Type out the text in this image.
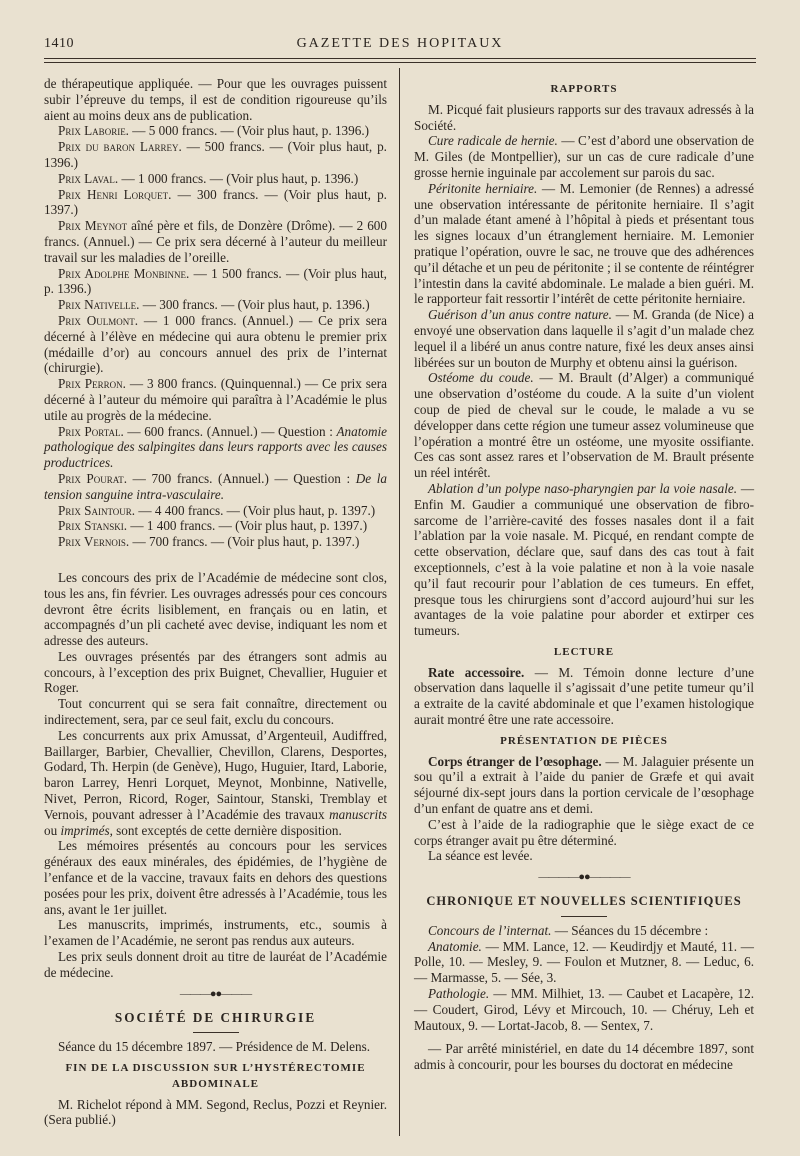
1410	GAZETTE DES HOPITAUX

de thérapeutique appliquée. — Pour que les ouvrages puissent subir l’épreuve du temps, il est de condition rigoureuse qu’ils aient au moins deux ans de publication.

Prix Laborie. — 5 000 francs. — (Voir plus haut, p. 1396.)

Prix du baron Larrey. — 500 francs. — (Voir plus haut, p. 1396.)

Prix Laval. — 1 000 francs. — (Voir plus haut, p. 1396.)

Prix Henri Lorquet. — 300 francs. — (Voir plus haut, p. 1397.)

Prix Meynot aîné père et fils, de Donzère (Drôme). — 2 600 francs. (Annuel.) — Ce prix sera décerné à l’auteur du meilleur travail sur les maladies de l’oreille.

Prix Adolphe Monbinne. — 1 500 francs. — (Voir plus haut, p. 1396.)

Prix Nativelle. — 300 francs. — (Voir plus haut, p. 1396.)

Prix Oulmont. — 1 000 francs. (Annuel.) — Ce prix sera décerné à l’élève en médecine qui aura obtenu le premier prix (médaille d’or) au concours annuel des prix de l’internat (chirurgie).

Prix Perron. — 3 800 francs. (Quinquennal.) — Ce prix sera décerné à l’auteur du mémoire qui paraîtra à l’Académie le plus utile au progrès de la médecine.

Prix Portal. — 600 francs. (Annuel.) — Question : Anatomie pathologique des salpingites dans leurs rapports avec les causes productrices.

Prix Pourat. — 700 francs. (Annuel.) — Question : De la tension sanguine intra-vasculaire.

Prix Saintour. — 4 400 francs. — (Voir plus haut, p. 1397.)

Prix Stanski. — 1 400 francs. — (Voir plus haut, p. 1397.)

Prix Vernois. — 700 francs. — (Voir plus haut, p. 1397.)

Les concours des prix de l’Académie de médecine sont clos, tous les ans, fin février. Les ouvrages adressés pour ces concours devront être écrits lisiblement, en français ou en latin, et accompagnés d’un pli cacheté avec devise, indiquant les nom et adresse des auteurs.

Les ouvrages présentés par des étrangers sont admis au concours, à l’exception des prix Buignet, Chevallier, Huguier et Roger.

Tout concurrent qui se sera fait connaître, directement ou indirectement, sera, par ce seul fait, exclu du concours.

Les concurrents aux prix Amussat, d’Argenteuil, Audiffred, Baillarger, Barbier, Chevallier, Chevillon, Clarens, Desportes, Godard, Th. Herpin (de Genève), Hugo, Huguier, Itard, Laborie, baron Larrey, Henri Lorquet, Meynot, Monbinne, Nativelle, Nivet, Perron, Ricord, Roger, Saintour, Stanski, Tremblay et Vernois, pouvant adresser à l’Académie des travaux manuscrits ou imprimés, sont exceptés de cette dernière disposition.

Les mémoires présentés au concours pour les services généraux des eaux minérales, des épidémies, de l’hygiène de l’enfance et de la vaccine, travaux faits en dehors des questions posées pour les prix, doivent être adressés à l’Académie, tous les ans, avant le 1er juillet.

Les manuscrits, imprimés, instruments, etc., soumis à l’examen de l’Académie, ne seront pas rendus aux auteurs.

Les prix seuls donnent droit au titre de lauréat de l’Académie de médecine.

———●●———

SOCIÉTÉ DE CHIRURGIE

Séance du 15 décembre 1897. — Présidence de M. Delens.

FIN DE LA DISCUSSION SUR L’HYSTÉRECTOMIE ABDOMINALE

M. Richelot répond à MM. Segond, Reclus, Pozzi et Reynier. (Sera publié.)

RAPPORTS

M. Picqué fait plusieurs rapports sur des travaux adressés à la Société.

Cure radicale de hernie. — C’est d’abord une observation de M. Giles (de Montpellier), sur un cas de cure radicale d’une grosse hernie inguinale par accolement sur parois du sac.

Péritonite herniaire. — M. Lemonier (de Rennes) a adressé une observation intéressante de péritonite herniaire. Il s’agit d’un malade étant amené à l’hôpital à pieds et présentant tous les signes locaux d’un étranglement herniaire. M. Lemonier pratique l’opération, ouvre le sac, ne trouve que des adhérences qu’il détache et un peu de péritonite ; il se contente de réintégrer l’intestin dans la cavité abdominale. Le malade a bien guéri. M. le rapporteur fait ressortir l’intérêt de cette péritonite herniaire.

Guérison d’un anus contre nature. — M. Granda (de Nice) a envoyé une observation dans laquelle il s’agit d’un malade chez lequel il a libéré un anus contre nature, fixé les deux anses ainsi libérées sur un bouton de Murphy et obtenu ainsi la guérison.

Ostéome du coude. — M. Brault (d’Alger) a communiqué une observation d’ostéome du coude. A la suite d’un violent coup de pied de cheval sur le coude, le malade a vu se développer dans cette région une tumeur assez volumineuse que l’opération a montré être un ostéome, une myosite ossifiante. Ces cas sont assez rares et l’observation de M. Brault présente un réel intérêt.

Ablation d’un polype naso-pharyngien par la voie nasale. — Enfin M. Gaudier a communiqué une observation de fibro-sarcome de l’arrière-cavité des fosses nasales dont il a fait l’ablation par la voie nasale. M. Picqué, en rendant compte de cette observation, déclare que, sauf dans des cas tout à fait exceptionnels, c’est à la voie palatine et non à la voie nasale qu’il faut recourir pour l’ablation de ces tumeurs. En effet, presque tous les chirurgiens sont d’accord aujourd’hui sur les avantages de la voie palatine pour aborder et extirper ces tumeurs.

LECTURE

Rate accessoire. — M. Témoin donne lecture d’une observation dans laquelle il s’agissait d’une petite tumeur qu’il a extraite de la cavité abdominale et que l’examen histologique aurait montré être une rate accessoire.

PRÉSENTATION DE PIÈCES

Corps étranger de l’œsophage. — M. Jalaguier présente un sou qu’il a extrait à l’aide du panier de Græfe et qui avait séjourné dix-sept jours dans la portion cervicale de l’œsophage d’un enfant de quatre ans et demi.

C’est à l’aide de la radiographie que le siège exact de ce corps étranger avait pu être déterminé.

La séance est levée.

————●●————

CHRONIQUE ET NOUVELLES SCIENTIFIQUES

Concours de l’internat. — Séances du 15 décembre :

Anatomie. — MM. Lance, 12. — Keudirdjy et Mauté, 11. — Polle, 10. — Mesley, 9. — Foulon et Mutzner, 8. — Leduc, 6. — Marmasse, 5. — Sée, 3.

Pathologie. — MM. Milhiet, 13. — Caubet et Lacapère, 12. — Coudert, Girod, Lévy et Mircouch, 10. — Chéruy, Leh et Mautoux, 9. — Lortat-Jacob, 8. — Sentex, 7.

— Par arrêté ministériel, en date du 14 décembre 1897, sont admis à concourir, pour les bourses du doctorat en médecine
